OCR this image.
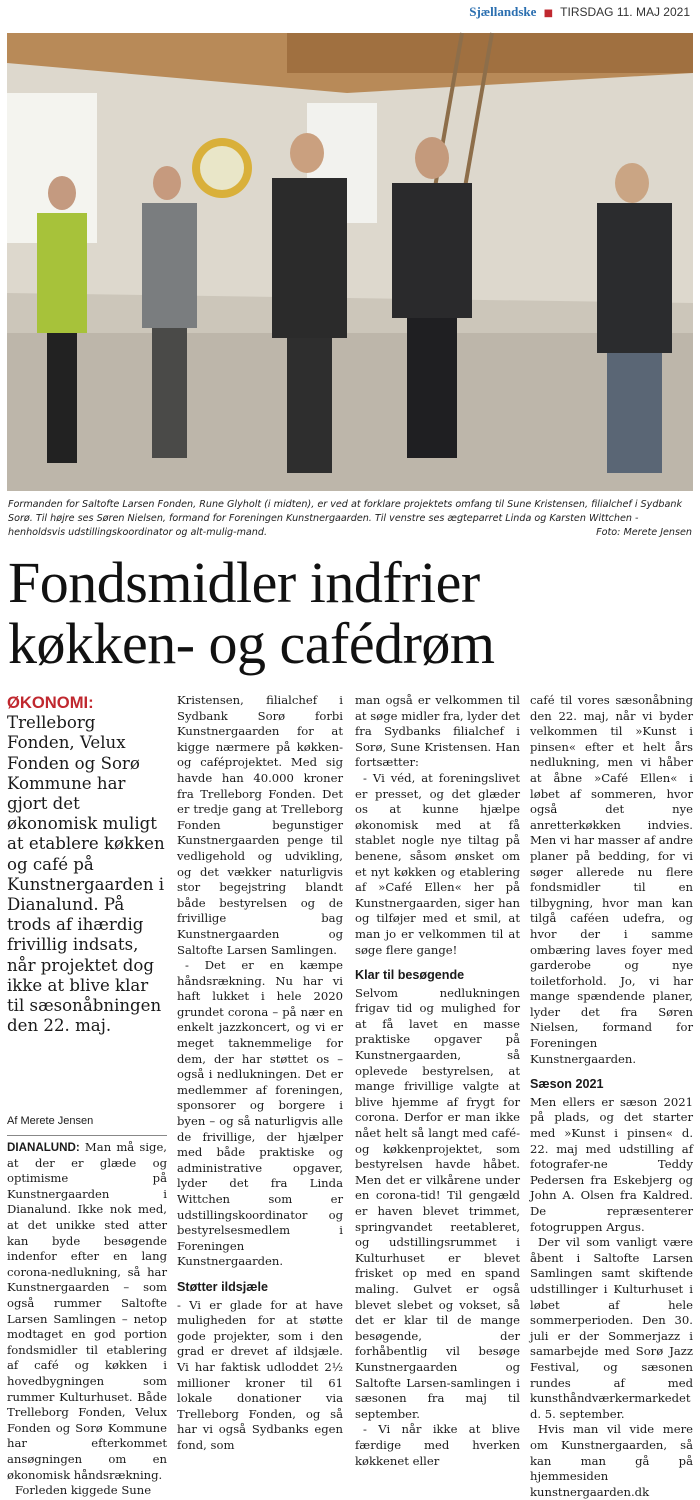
Sjællandske ■ TIRSDAG 11. MAJ 2021
Formanden for Saltofte Larsen Fonden, Rune Glyholt (i midten), er ved at forklare projektets omfang til Sune Kristensen, filialchef i Sydbank Sorø. Til højre ses Søren Nielsen, formand for Foreningen Kunstnergaarden. Til venstre ses ægteparret Linda og Karsten Wittchen - henholdsvis udstillingskoordinator og alt-mulig-mand.	Foto: Merete Jensen
Fondsmidler indfrier
køkken- og cafédrøm
ØKONOMI: Trelleborg Fonden, Velux Fonden og Sorø Kommune har gjort det økonomisk muligt at etablere køkken og café på Kunstnergaarden i Dianalund. På trods af ihærdig frivillig indsats, når projektet dog ikke at blive klar til sæsonåbningen den 22. maj.
Af Merete Jensen

DIANALUND: Man må sige, at der er glæde og optimisme på Kunstnergaarden i Dianalund. Ikke nok med, at det unikke sted atter kan byde besøgende indenfor efter en lang corona-nedlukning, så har Kunstnergaarden – som også rummer Saltofte Larsen Samlingen – netop modtaget en god portion fondsmidler til etablering af café og køkken i hovedbygningen som rummer Kulturhuset. Både Trelleborg Fonden, Velux Fonden og Sorø Kommune har efterkommet ansøgningen om en økonomisk håndsrækning.

Forleden kiggede Sune

Kristensen, filialchef i Sydbank Sorø forbi Kunstnergaarden for at kigge nærmere på køkken- og caféprojektet. Med sig havde han 40.000 kroner fra Trelleborg Fonden. Det er tredje gang at Trelleborg Fonden begunstiger Kunstnergaarden penge til vedligehold og udvikling, og det vækker naturligvis stor begejstring blandt både bestyrelsen og de frivillige bag Kunstnergaarden og Saltofte Larsen Samlingen.

- Det er en kæmpe håndsrækning. Nu har vi haft lukket i hele 2020 grundet corona – på nær en enkelt jazzkoncert, og vi er meget taknemmelige for dem, der har støttet os – også i nedlukningen. Det er medlemmer af foreningen, sponsorer og borgere i byen – og så naturligvis alle de frivillige, der hjælper med både praktiske og administrative opgaver, lyder det fra Linda Wittchen som er udstillingskoordinator og bestyrelsesmedlem i Foreningen Kunstnergaarden.

Støtter ildsjæle

- Vi er glade for at have muligheden for at støtte gode projekter, som i den grad er drevet af ildsjæle. Vi har faktisk udloddet 2½ millioner kroner til 61 lokale donationer via Trelleborg Fonden, og så har vi også Sydbanks egen fond, som

man også er velkommen til at søge midler fra, lyder det fra Sydbanks filialchef i Sorø, Sune Kristensen. Han fortsætter:

- Vi véd, at foreningslivet er presset, og det glæder os at kunne hjælpe økonomisk med at få stablet nogle nye tiltag på benene, såsom ønsket om et nyt køkken og etablering af »Café Ellen« her på Kunstnergaarden, siger han og tilføjer med et smil, at man jo er velkommen til at søge flere gange!

Klar til besøgende

Selvom nedlukningen frigav tid og mulighed for at få lavet en masse praktiske opgaver på Kunstnergaarden, så oplevede bestyrelsen, at mange frivillige valgte at blive hjemme af frygt for corona. Derfor er man ikke nået helt så langt med café- og køkkenprojektet, som bestyrelsen havde håbet. Men det er vilkårene under en corona-tid! Til gengæld er haven blevet trimmet, springvandet reetableret, og udstillingsrummet i Kulturhuset er blevet frisket op med en spand maling. Gulvet er også blevet slebet og vokset, så det er klar til de mange besøgende, der forhåbentlig vil besøge Kunstnergaarden og Saltofte Larsen-samlingen i sæsonen fra maj til september.

- Vi når ikke at blive færdige med hverken køkkenet eller

café til vores sæsonåbning den 22. maj, når vi byder velkommen til »Kunst i pinsen« efter et helt års nedlukning, men vi håber at åbne »Café Ellen« i løbet af sommeren, hvor også det nye anretterkøkken indvies. Men vi har masser af andre planer på bedding, for vi søger allerede nu flere fondsmidler til en tilbygning, hvor man kan tilgå caféen udefra, og hvor der i samme ombæring laves foyer med garderobe og nye toiletforhold. Jo, vi har mange spændende planer, lyder det fra Søren Nielsen, formand for Foreningen Kunstnergaarden.

Sæson 2021

Men ellers er sæson 2021 på plads, og det starter med »Kunst i pinsen« d. 22. maj med udstilling af fotografer-ne Teddy Pedersen fra Eskebjerg og John A. Olsen fra Kaldred. De repræsenterer fotogruppen Argus.

Der vil som vanligt være åbent i Saltofte Larsen Samlingen samt skiftende udstillinger i Kulturhuset i løbet af hele sommerperioden. Den 30. juli er der Sommerjazz i samarbejde med Sorø Jazz Festival, og sæsonen rundes af med kunsthåndværkermarkedet d. 5. september.

Hvis man vil vide mere om Kunstnergaarden, så kan man gå på hjemmesiden kunstnergaarden.dk
